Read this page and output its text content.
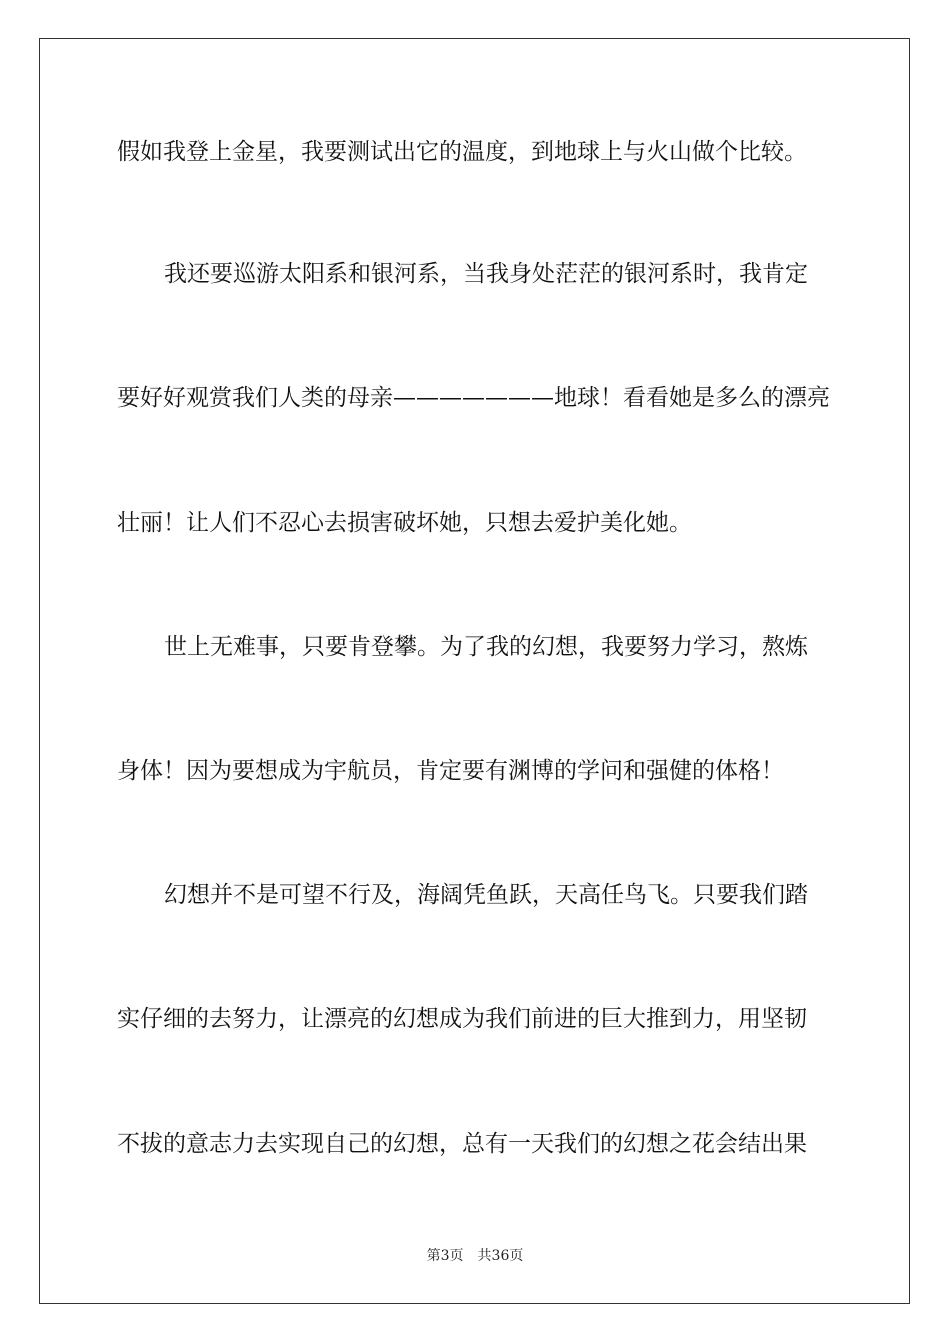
假如我登上金星，我要测试出它的温度，到地球上与火山做个比较。
我还要巡游太阳系和银河系，当我身处茫茫的银河系时，我肯定
要好好观赏我们人类的母亲———————地球！看看她是多么的漂亮
壮丽！让人们不忍心去损害破坏她，只想去爱护美化她。
世上无难事，只要肯登攀。为了我的幻想，我要努力学习，熬炼
身体！因为要想成为宇航员，肯定要有渊博的学问和强健的体格！
幻想并不是可望不行及，海阔凭鱼跃，天高任鸟飞。只要我们踏
实仔细的去努力，让漂亮的幻想成为我们前进的巨大推到力，用坚韧
不拔的意志力去实现自己的幻想，总有一天我们的幻想之花会结出果
第3页 共36页
